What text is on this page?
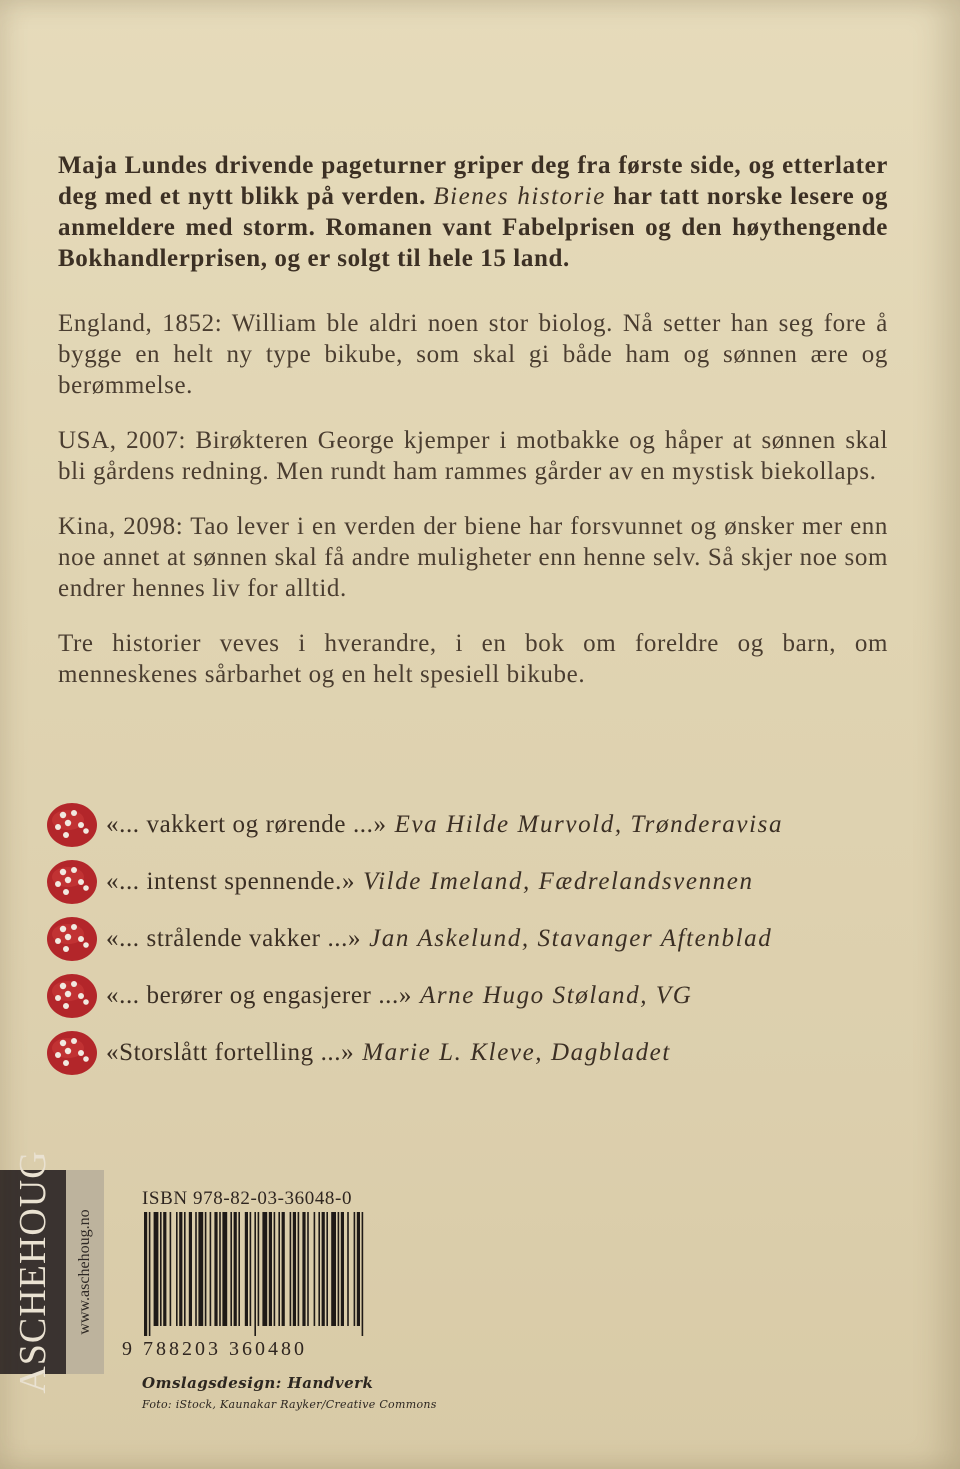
Maja Lundes drivende pageturner griper deg fra første side, og etterlater deg med et nytt blikk på verden. Bienes historie har tatt norske lesere og anmeldere med storm. Romanen vant Fabelprisen og den høythengende Bokhandlerprisen, og er solgt til hele 15 land.

England, 1852: William ble aldri noen stor biolog. Nå setter han seg fore å bygge en helt ny type bikube, som skal gi både ham og sønnen ære og berømmelse.

USA, 2007: Birøkteren George kjemper i motbakke og håper at sønnen skal bli gårdens redning. Men rundt ham rammes gårder av en mystisk biekollaps.

Kina, 2098: Tao lever i en verden der biene har forsvunnet og ønsker mer enn noe annet at sønnen skal få andre muligheter enn henne selv. Så skjer noe som endrer hennes liv for alltid.

Tre historier veves i hverandre, i en bok om foreldre og barn, om menneskenes sårbarhet og en helt spesiell bikube.

«... vakkert og rørende ...» Eva Hilde Murvold, Trønderavisa
«... intenst spennende.» Vilde Imeland, Fædrelandsvennen
«... strålende vakker ...» Jan Askelund, Stavanger Aftenblad
«... berører og engasjerer ...» Arne Hugo Støland, VG
«Storslått fortelling ...» Marie L. Kleve, Dagbladet
ASCHEHOUG www.aschehoug.no
ISBN 978-82-03-36048-0
9 788203 360480
Omslagsdesign: Handverk
Foto: iStock, Kaunakar Rayker/Creative Commons
